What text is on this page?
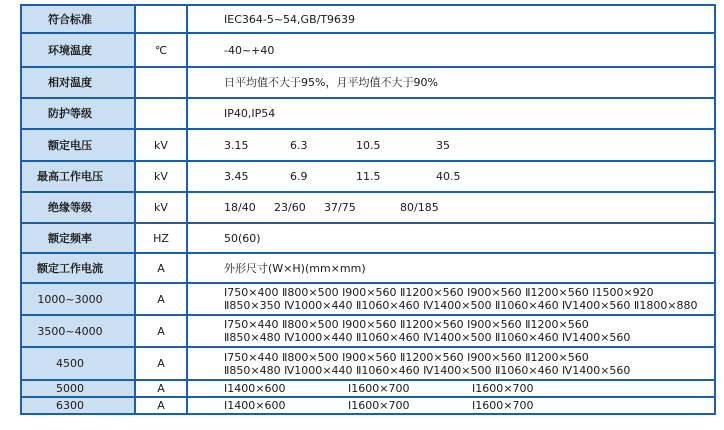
符合标准		IEC364-5~54,GB/T9639
环境温度	℃	-40~+40
相对温度		日平均值不大于95%，月平均值不大于90%
防护等级		IP40,IP54
额定电压	kV	3.15 6.3 10.5 35
最高工作电压	kV	3.45 6.9 11.5 40.5
绝缘等级	kV	18/40 23/60 37/75 80/185
额定频率	HZ	50(60)
额定工作电流	A	外形尺寸(W×H)(mm×mm)
1000~3000	A	Ⅰ750×400 Ⅱ800×500 Ⅰ900×560 Ⅱ1200×560 Ⅰ900×560 Ⅱ1200×560 Ⅰ1500×920
Ⅱ850×350 Ⅳ1000×440 Ⅱ1060×460 Ⅳ1400×500 Ⅱ1060×460 Ⅳ1400×560 Ⅱ1800×880

3500~4000	A	Ⅰ750×440 Ⅱ800×500 Ⅰ900×560 Ⅱ1200×560 Ⅰ900×560 Ⅱ1200×560
Ⅱ850×480 Ⅳ1000×440 Ⅱ1060×460 Ⅳ1400×500 Ⅱ1060×460 Ⅳ1400×560

4500	A	Ⅰ750×440 Ⅱ800×500 Ⅰ900×560 Ⅱ1200×560 Ⅰ900×560 Ⅱ1200×560
Ⅱ850×480 Ⅳ1000×440 Ⅱ1060×460 Ⅳ1400×500 Ⅱ1060×460 Ⅳ1400×560

5000	A	Ⅰ1400×600 Ⅰ1600×700 Ⅰ1600×700
6300	A	Ⅰ1400×600 Ⅰ1600×700 Ⅰ1600×700
